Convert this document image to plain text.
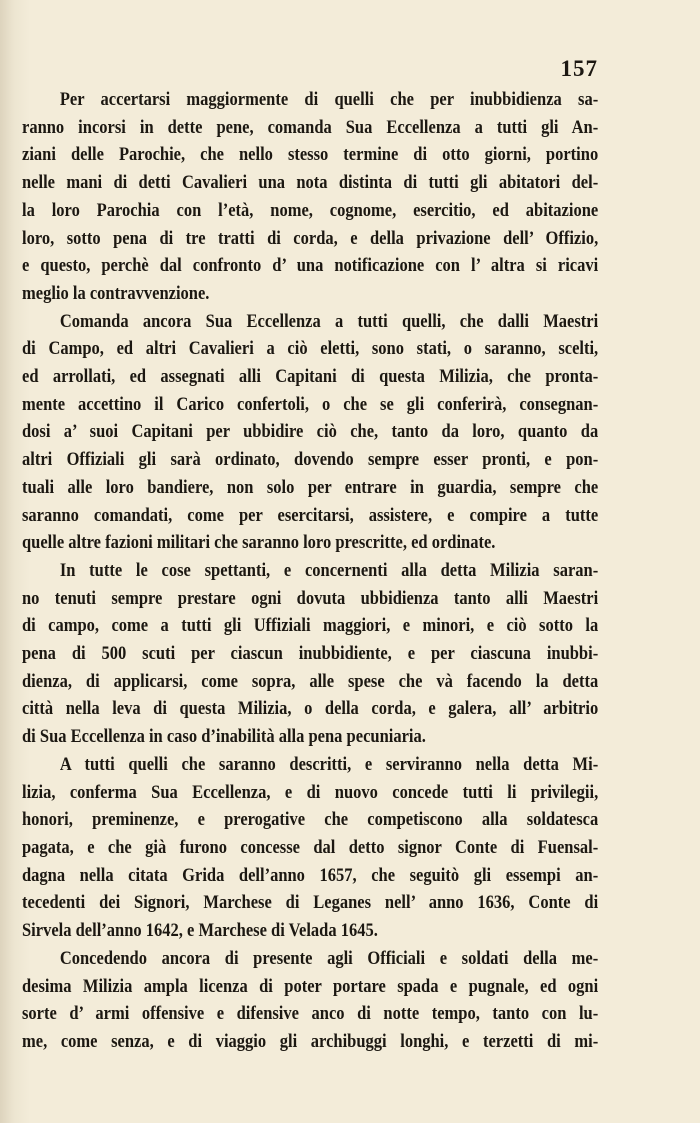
157

Per accertarsi maggiormente di quelli che per inubbidienza sa-
ranno incorsi in dette pene, comanda Sua Eccellenza a tutti gli An-
ziani delle Parochie, che nello stesso termine di otto giorni, portino
nelle mani di detti Cavalieri una nota distinta di tutti gli abitatori del-
la loro Parochia con l’età, nome, cognome, esercitio, ed abitazione
loro, sotto pena di tre tratti di corda, e della privazione dell’ Offizio,
e questo, perchè dal confronto d’ una notificazione con l’ altra si ricavi
meglio la contravvenzione.

Comanda ancora Sua Eccellenza a tutti quelli, che dalli Maestri
di Campo, ed altri Cavalieri a ciò eletti, sono stati, o saranno, scelti,
ed arrollati, ed assegnati alli Capitani di questa Milizia, che pronta-
mente accettino il Carico confertoli, o che se gli conferirà, consegnan-
dosi a’ suoi Capitani per ubbidire ciò che, tanto da loro, quanto da
altri Offiziali gli sarà ordinato, dovendo sempre esser pronti, e pon-
tuali alle loro bandiere, non solo per entrare in guardia, sempre che
saranno comandati, come per esercitarsi, assistere, e compire a tutte
quelle altre fazioni militari che saranno loro prescritte, ed ordinate.

In tutte le cose spettanti, e concernenti alla detta Milizia saran-
no tenuti sempre prestare ogni dovuta ubbidienza tanto alli Maestri
di campo, come a tutti gli Uffiziali maggiori, e minori, e ciò sotto la
pena di 500 scuti per ciascun inubbidiente, e per ciascuna inubbi-
dienza, di applicarsi, come sopra, alle spese che và facendo la detta
città nella leva di questa Milizia, o della corda, e galera, all’ arbitrio
di Sua Eccellenza in caso d’inabilità alla pena pecuniaria.

A tutti quelli che saranno descritti, e serviranno nella detta Mi-
lizia, conferma Sua Eccellenza, e di nuovo concede tutti li privilegii,
honori, preminenze, e prerogative che competiscono alla soldatesca
pagata, e che già furono concesse dal detto signor Conte di Fuensal-
dagna nella citata Grida dell’anno 1657, che seguitò gli essempi an-
tecedenti dei Signori, Marchese di Leganes nell’ anno 1636, Conte di
Sirvela dell’anno 1642, e Marchese di Velada 1645.

Concedendo ancora di presente agli Officiali e soldati della me-
desima Milizia ampla licenza di poter portare spada e pugnale, ed ogni
sorte d’ armi offensive e difensive anco di notte tempo, tanto con lu-
me, come senza, e di viaggio gli archibuggi longhi, e terzetti di mi-
